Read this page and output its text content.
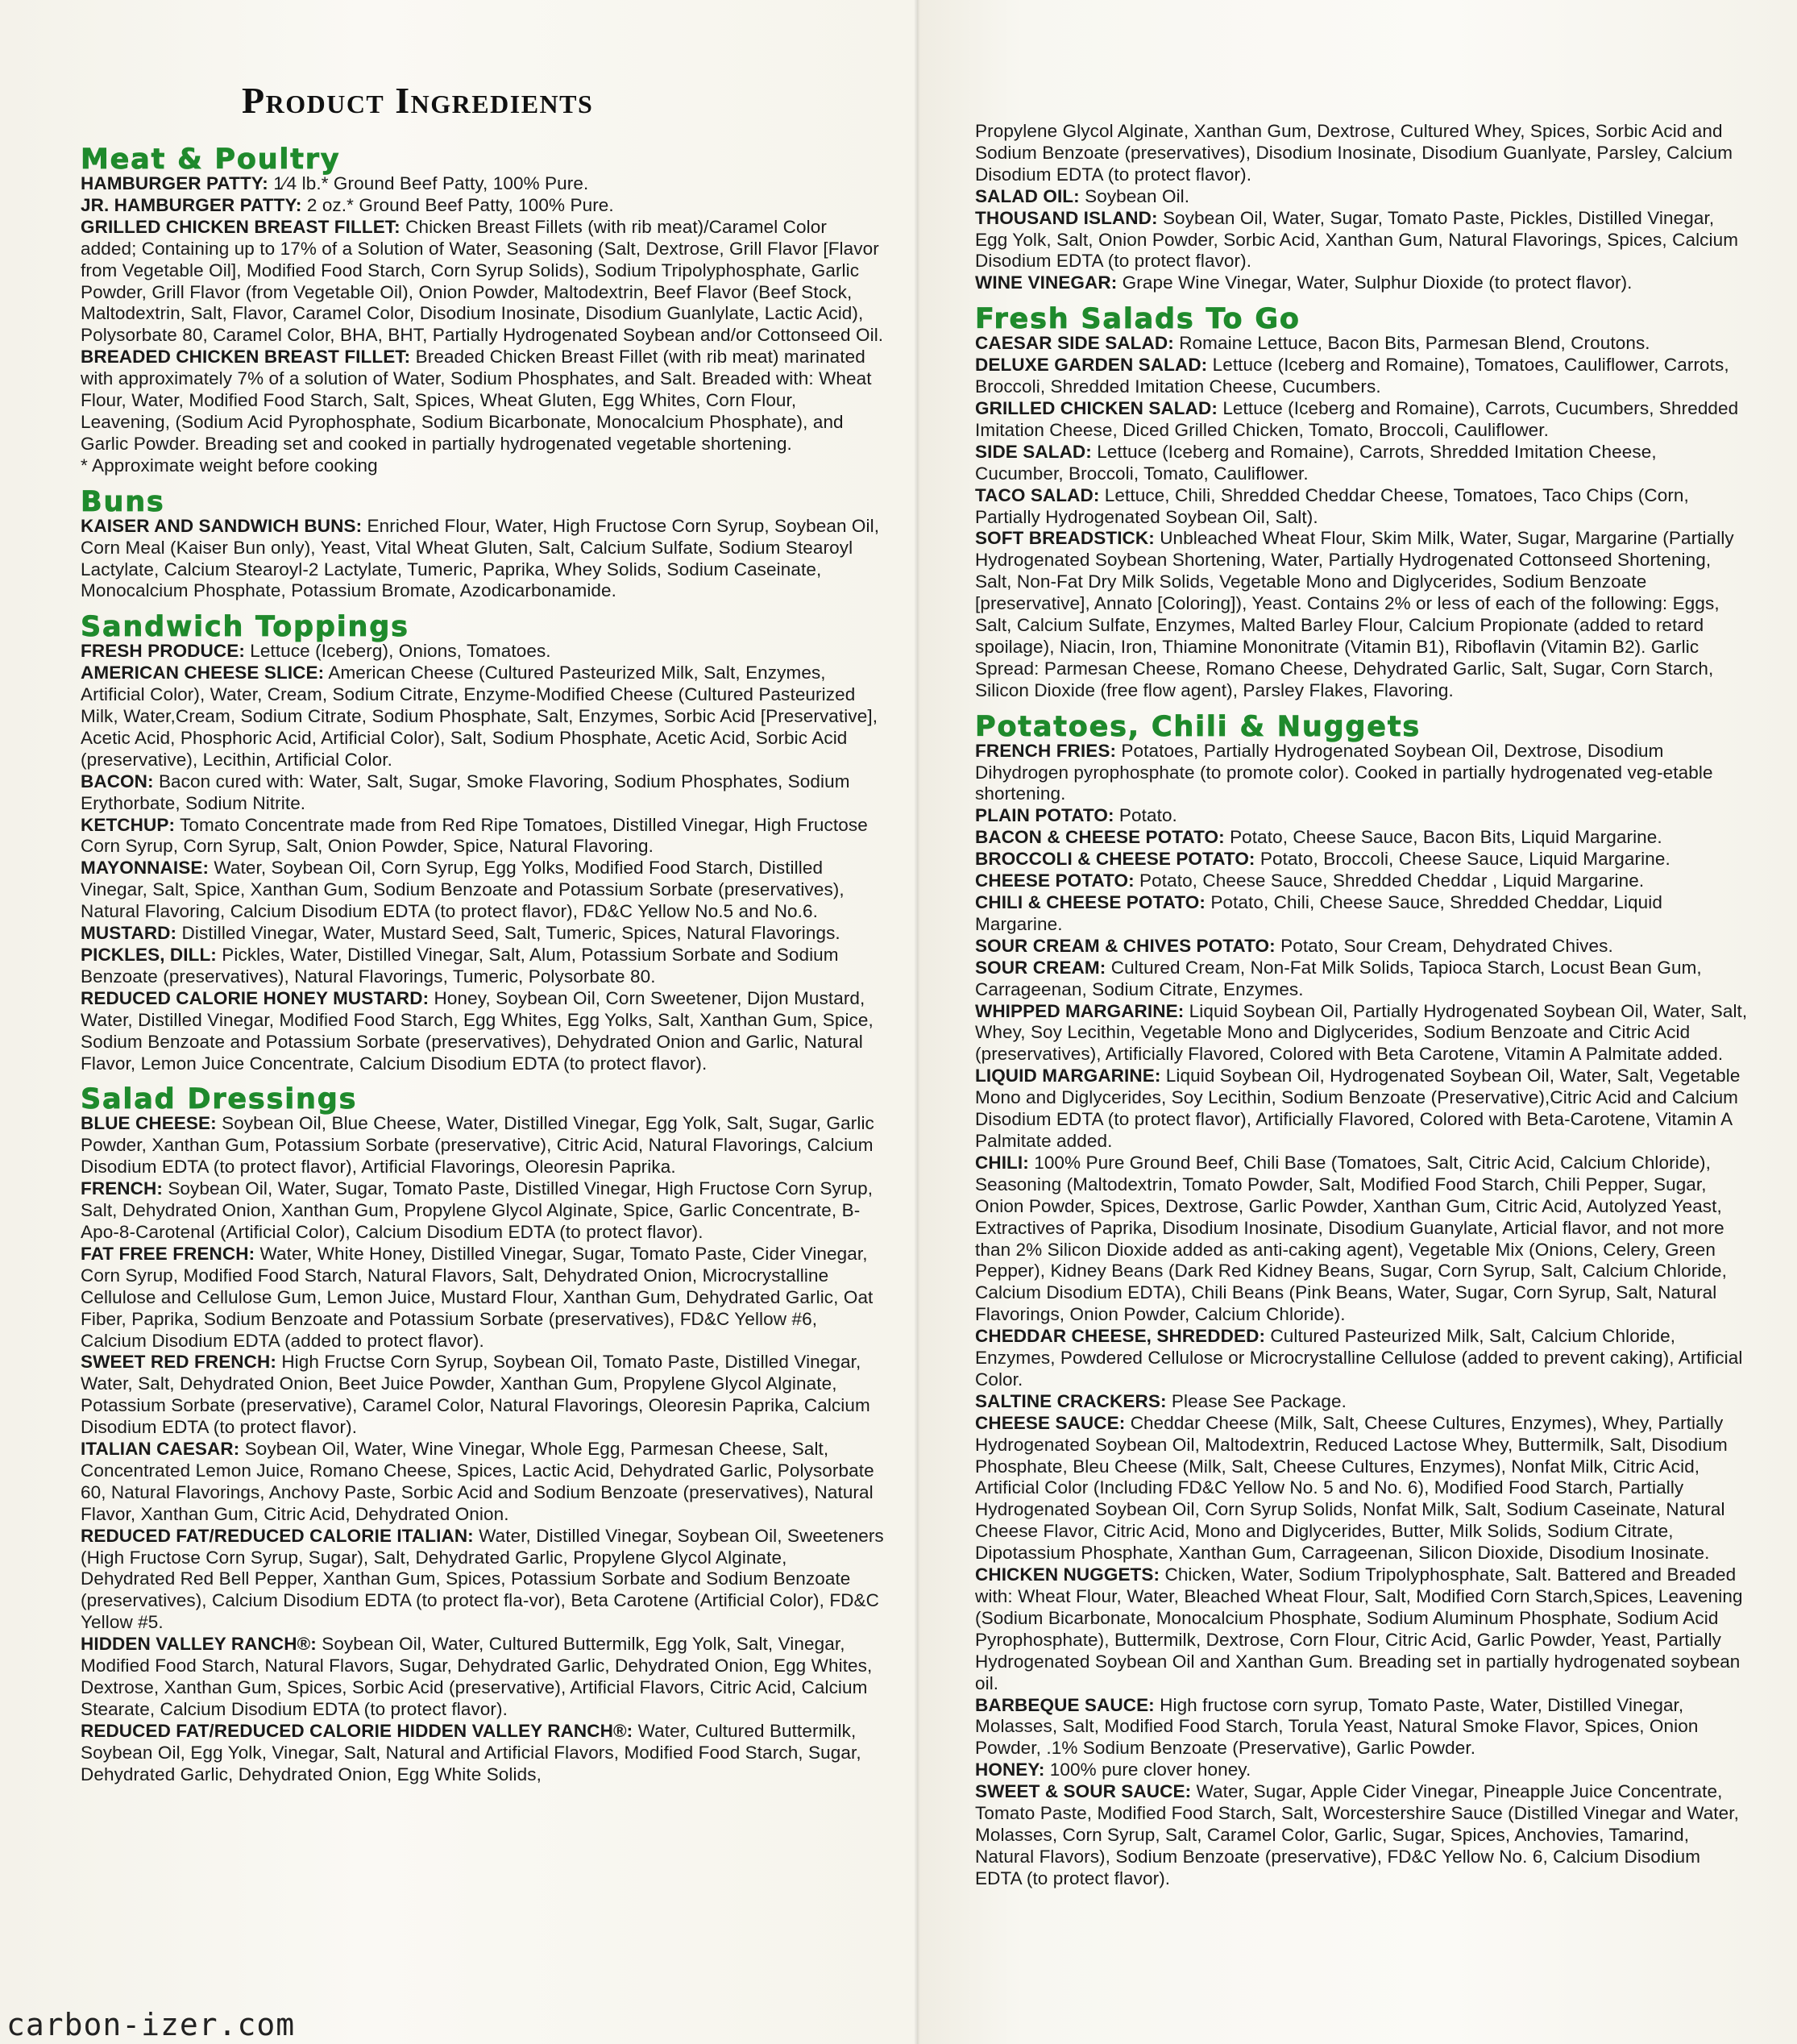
Product Ingredients
Meat & Poultry

HAMBURGER PATTY: 1⁄4 lb.* Ground Beef Patty, 100% Pure.

JR. HAMBURGER PATTY: 2 oz.* Ground Beef Patty, 100% Pure.

GRILLED CHICKEN BREAST FILLET: Chicken Breast Fillets (with rib meat)/Caramel Color added; Containing up to 17% of a Solution of Water, Seasoning (Salt, Dextrose, Grill Flavor [Flavor from Vegetable Oil], Modified Food Starch, Corn Syrup Solids), Sodium Tripolyphosphate, Garlic Powder, Grill Flavor (from Vegetable Oil), Onion Powder, Maltodextrin, Beef Flavor (Beef Stock, Maltodextrin, Salt, Flavor, Caramel Color, Disodium Inosinate, Disodium Guanlylate, Lactic Acid), Polysorbate 80, Caramel Color, BHA, BHT, Partially Hydrogenated Soybean and/or Cottonseed Oil.

BREADED CHICKEN BREAST FILLET: Breaded Chicken Breast Fillet (with rib meat) marinated with approximately 7% of a solution of Water, Sodium Phosphates, and Salt. Breaded with: Wheat Flour, Water, Modified Food Starch, Salt, Spices, Wheat Gluten, Egg Whites, Corn Flour, Leavening, (Sodium Acid Pyrophosphate, Sodium Bicarbonate, Monocalcium Phosphate), and Garlic Powder. Breading set and cooked in partially hydrogenated vegetable shortening.

* Approximate weight before cooking

Buns

KAISER AND SANDWICH BUNS: Enriched Flour, Water, High Fructose Corn Syrup, Soybean Oil, Corn Meal (Kaiser Bun only), Yeast, Vital Wheat Gluten, Salt, Calcium Sulfate, Sodium Stearoyl Lactylate, Calcium Stearoyl-2 Lactylate, Tumeric, Paprika, Whey Solids, Sodium Caseinate, Monocalcium Phosphate, Potassium Bromate, Azodicarbonamide.

Sandwich Toppings

FRESH PRODUCE: Lettuce (Iceberg), Onions, Tomatoes.

AMERICAN CHEESE SLICE: American Cheese (Cultured Pasteurized Milk, Salt, Enzymes, Artificial Color), Water, Cream, Sodium Citrate, Enzyme-Modified Cheese (Cultured Pasteurized Milk, Water,Cream, Sodium Citrate, Sodium Phosphate, Salt, Enzymes, Sorbic Acid [Preservative], Acetic Acid, Phosphoric Acid, Artificial Color), Salt, Sodium Phosphate, Acetic Acid, Sorbic Acid (preservative), Lecithin, Artificial Color.

BACON: Bacon cured with: Water, Salt, Sugar, Smoke Flavoring, Sodium Phosphates, Sodium Erythorbate, Sodium Nitrite.

KETCHUP: Tomato Concentrate made from Red Ripe Tomatoes, Distilled Vinegar, High Fructose Corn Syrup, Corn Syrup, Salt, Onion Powder, Spice, Natural Flavoring.

MAYONNAISE: Water, Soybean Oil, Corn Syrup, Egg Yolks, Modified Food Starch, Distilled Vinegar, Salt, Spice, Xanthan Gum, Sodium Benzoate and Potassium Sorbate (preservatives), Natural Flavoring, Calcium Disodium EDTA (to protect flavor), FD&C Yellow No.5 and No.6.

MUSTARD: Distilled Vinegar, Water, Mustard Seed, Salt, Tumeric, Spices, Natural Flavorings.

PICKLES, DILL: Pickles, Water, Distilled Vinegar, Salt, Alum, Potassium Sorbate and Sodium Benzoate (preservatives), Natural Flavorings, Tumeric, Polysorbate 80.

REDUCED CALORIE HONEY MUSTARD: Honey, Soybean Oil, Corn Sweetener, Dijon Mustard, Water, Distilled Vinegar, Modified Food Starch, Egg Whites, Egg Yolks, Salt, Xanthan Gum, Spice, Sodium Benzoate and Potassium Sorbate (preservatives), Dehydrated Onion and Garlic, Natural Flavor, Lemon Juice Concentrate, Calcium Disodium EDTA (to protect flavor).

Salad Dressings

BLUE CHEESE: Soybean Oil, Blue Cheese, Water, Distilled Vinegar, Egg Yolk, Salt, Sugar, Garlic Powder, Xanthan Gum, Potassium Sorbate (preservative), Citric Acid, Natural Flavorings, Calcium Disodium EDTA (to protect flavor), Artificial Flavorings, Oleoresin Paprika.

FRENCH: Soybean Oil, Water, Sugar, Tomato Paste, Distilled Vinegar, High Fructose Corn Syrup, Salt, Dehydrated Onion, Xanthan Gum, Propylene Glycol Alginate, Spice, Garlic Concentrate, B-Apo-8-Carotenal (Artificial Color), Calcium Disodium EDTA (to protect flavor).

FAT FREE FRENCH: Water, White Honey, Distilled Vinegar, Sugar, Tomato Paste, Cider Vinegar, Corn Syrup, Modified Food Starch, Natural Flavors, Salt, Dehydrated Onion, Microcrystalline Cellulose and Cellulose Gum, Lemon Juice, Mustard Flour, Xanthan Gum, Dehydrated Garlic, Oat Fiber, Paprika, Sodium Benzoate and Potassium Sorbate (preservatives), FD&C Yellow #6, Calcium Disodium EDTA (added to protect flavor).

SWEET RED FRENCH: High Fructse Corn Syrup, Soybean Oil, Tomato Paste, Distilled Vinegar, Water, Salt, Dehydrated Onion, Beet Juice Powder, Xanthan Gum, Propylene Glycol Alginate, Potassium Sorbate (preservative), Caramel Color, Natural Flavorings, Oleoresin Paprika, Calcium Disodium EDTA (to protect flavor).

ITALIAN CAESAR: Soybean Oil, Water, Wine Vinegar, Whole Egg, Parmesan Cheese, Salt, Concentrated Lemon Juice, Romano Cheese, Spices, Lactic Acid, Dehydrated Garlic, Polysorbate 60, Natural Flavorings, Anchovy Paste, Sorbic Acid and Sodium Benzoate (preservatives), Natural Flavor, Xanthan Gum, Citric Acid, Dehydrated Onion.

REDUCED FAT/REDUCED CALORIE ITALIAN: Water, Distilled Vinegar, Soybean Oil, Sweeteners (High Fructose Corn Syrup, Sugar), Salt, Dehydrated Garlic, Propylene Glycol Alginate, Dehydrated Red Bell Pepper, Xanthan Gum, Spices, Potassium Sorbate and Sodium Benzoate (preservatives), Calcium Disodium EDTA (to protect fla-vor), Beta Carotene (Artificial Color), FD&C Yellow #5.

HIDDEN VALLEY RANCH®: Soybean Oil, Water, Cultured Buttermilk, Egg Yolk, Salt, Vinegar, Modified Food Starch, Natural Flavors, Sugar, Dehydrated Garlic, Dehydrated Onion, Egg Whites, Dextrose, Xanthan Gum, Spices, Sorbic Acid (preservative), Artificial Flavors, Citric Acid, Calcium Stearate, Calcium Disodium EDTA (to protect flavor).

REDUCED FAT/REDUCED CALORIE HIDDEN VALLEY RANCH®: Water, Cultured Buttermilk, Soybean Oil, Egg Yolk, Vinegar, Salt, Natural and Artificial Flavors, Modified Food Starch, Sugar, Dehydrated Garlic, Dehydrated Onion, Egg White Solids,

Propylene Glycol Alginate, Xanthan Gum, Dextrose, Cultured Whey, Spices, Sorbic Acid and Sodium Benzoate (preservatives), Disodium Inosinate, Disodium Guanlyate, Parsley, Calcium Disodium EDTA (to protect flavor).

SALAD OIL: Soybean Oil.

THOUSAND ISLAND: Soybean Oil, Water, Sugar, Tomato Paste, Pickles, Distilled Vinegar, Egg Yolk, Salt, Onion Powder, Sorbic Acid, Xanthan Gum, Natural Flavorings, Spices, Calcium Disodium EDTA (to protect flavor).

WINE VINEGAR: Grape Wine Vinegar, Water, Sulphur Dioxide (to protect flavor).

Fresh Salads To Go

CAESAR SIDE SALAD: Romaine Lettuce, Bacon Bits, Parmesan Blend, Croutons.

DELUXE GARDEN SALAD: Lettuce (Iceberg and Romaine), Tomatoes, Cauliflower, Carrots, Broccoli, Shredded Imitation Cheese, Cucumbers.

GRILLED CHICKEN SALAD: Lettuce (Iceberg and Romaine), Carrots, Cucumbers, Shredded Imitation Cheese, Diced Grilled Chicken, Tomato, Broccoli, Cauliflower.

SIDE SALAD: Lettuce (Iceberg and Romaine), Carrots, Shredded Imitation Cheese, Cucumber, Broccoli, Tomato, Cauliflower.

TACO SALAD: Lettuce, Chili, Shredded Cheddar Cheese, Tomatoes, Taco Chips (Corn, Partially Hydrogenated Soybean Oil, Salt).

SOFT BREADSTICK: Unbleached Wheat Flour, Skim Milk, Water, Sugar, Margarine (Partially Hydrogenated Soybean Shortening, Water, Partially Hydrogenated Cottonseed Shortening, Salt, Non-Fat Dry Milk Solids, Vegetable Mono and Diglycerides, Sodium Benzoate [preservative], Annato [Coloring]), Yeast. Contains 2% or less of each of the following: Eggs, Salt, Calcium Sulfate, Enzymes, Malted Barley Flour, Calcium Propionate (added to retard spoilage), Niacin, Iron, Thiamine Mononitrate (Vitamin B1), Riboflavin (Vitamin B2). Garlic Spread: Parmesan Cheese, Romano Cheese, Dehydrated Garlic, Salt, Sugar, Corn Starch, Silicon Dioxide (free flow agent), Parsley Flakes, Flavoring.

Potatoes, Chili & Nuggets

FRENCH FRIES: Potatoes, Partially Hydrogenated Soybean Oil, Dextrose, Disodium Dihydrogen pyrophosphate (to promote color). Cooked in partially hydrogenated veg-etable shortening.

PLAIN POTATO: Potato.

BACON & CHEESE POTATO: Potato, Cheese Sauce, Bacon Bits, Liquid Margarine.

BROCCOLI & CHEESE POTATO: Potato, Broccoli, Cheese Sauce, Liquid Margarine.

CHEESE POTATO: Potato, Cheese Sauce, Shredded Cheddar , Liquid Margarine.

CHILI & CHEESE POTATO: Potato, Chili, Cheese Sauce, Shredded Cheddar, Liquid Margarine.

SOUR CREAM & CHIVES POTATO: Potato, Sour Cream, Dehydrated Chives.

SOUR CREAM: Cultured Cream, Non-Fat Milk Solids, Tapioca Starch, Locust Bean Gum, Carrageenan, Sodium Citrate, Enzymes.

WHIPPED MARGARINE: Liquid Soybean Oil, Partially Hydrogenated Soybean Oil, Water, Salt, Whey, Soy Lecithin, Vegetable Mono and Diglycerides, Sodium Benzoate and Citric Acid (preservatives), Artificially Flavored, Colored with Beta Carotene, Vitamin A Palmitate added.

LIQUID MARGARINE: Liquid Soybean Oil, Hydrogenated Soybean Oil, Water, Salt, Vegetable Mono and Diglycerides, Soy Lecithin, Sodium Benzoate (Preservative),Citric Acid and Calcium Disodium EDTA (to protect flavor), Artificially Flavored, Colored with Beta-Carotene, Vitamin A Palmitate added.

CHILI: 100% Pure Ground Beef, Chili Base (Tomatoes, Salt, Citric Acid, Calcium Chloride), Seasoning (Maltodextrin, Tomato Powder, Salt, Modified Food Starch, Chili Pepper, Sugar, Onion Powder, Spices, Dextrose, Garlic Powder, Xanthan Gum, Citric Acid, Autolyzed Yeast, Extractives of Paprika, Disodium Inosinate, Disodium Guanylate, Articial flavor, and not more than 2% Silicon Dioxide added as anti-caking agent), Vegetable Mix (Onions, Celery, Green Pepper), Kidney Beans (Dark Red Kidney Beans, Sugar, Corn Syrup, Salt, Calcium Chloride, Calcium Disodium EDTA), Chili Beans (Pink Beans, Water, Sugar, Corn Syrup, Salt, Natural Flavorings, Onion Powder, Calcium Chloride).

CHEDDAR CHEESE, SHREDDED: Cultured Pasteurized Milk, Salt, Calcium Chloride, Enzymes, Powdered Cellulose or Microcrystalline Cellulose (added to prevent caking), Artificial Color.

SALTINE CRACKERS: Please See Package.

CHEESE SAUCE: Cheddar Cheese (Milk, Salt, Cheese Cultures, Enzymes), Whey, Partially Hydrogenated Soybean Oil, Maltodextrin, Reduced Lactose Whey, Buttermilk, Salt, Disodium Phosphate, Bleu Cheese (Milk, Salt, Cheese Cultures, Enzymes), Nonfat Milk, Citric Acid, Artificial Color (Including FD&C Yellow No. 5 and No. 6), Modified Food Starch, Partially Hydrogenated Soybean Oil, Corn Syrup Solids, Nonfat Milk, Salt, Sodium Caseinate, Natural Cheese Flavor, Citric Acid, Mono and Diglycerides, Butter, Milk Solids, Sodium Citrate, Dipotassium Phosphate, Xanthan Gum, Carrageenan, Silicon Dioxide, Disodium Inosinate.

CHICKEN NUGGETS: Chicken, Water, Sodium Tripolyphosphate, Salt. Battered and Breaded with: Wheat Flour, Water, Bleached Wheat Flour, Salt, Modified Corn Starch,Spices, Leavening (Sodium Bicarbonate, Monocalcium Phosphate, Sodium Aluminum Phosphate, Sodium Acid Pyrophosphate), Buttermilk, Dextrose, Corn Flour, Citric Acid, Garlic Powder, Yeast, Partially Hydrogenated Soybean Oil and Xanthan Gum. Breading set in partially hydrogenated soybean oil.

BARBEQUE SAUCE: High fructose corn syrup, Tomato Paste, Water, Distilled Vinegar, Molasses, Salt, Modified Food Starch, Torula Yeast, Natural Smoke Flavor, Spices, Onion Powder, .1% Sodium Benzoate (Preservative), Garlic Powder.

HONEY: 100% pure clover honey.

SWEET & SOUR SAUCE: Water, Sugar, Apple Cider Vinegar, Pineapple Juice Concentrate, Tomato Paste, Modified Food Starch, Salt, Worcestershire Sauce (Distilled Vinegar and Water, Molasses, Corn Syrup, Salt, Caramel Color, Garlic, Sugar, Spices, Anchovies, Tamarind, Natural Flavors), Sodium Benzoate (preservative), FD&C Yellow No. 6, Calcium Disodium EDTA (to protect flavor).

carbon-izer.com
